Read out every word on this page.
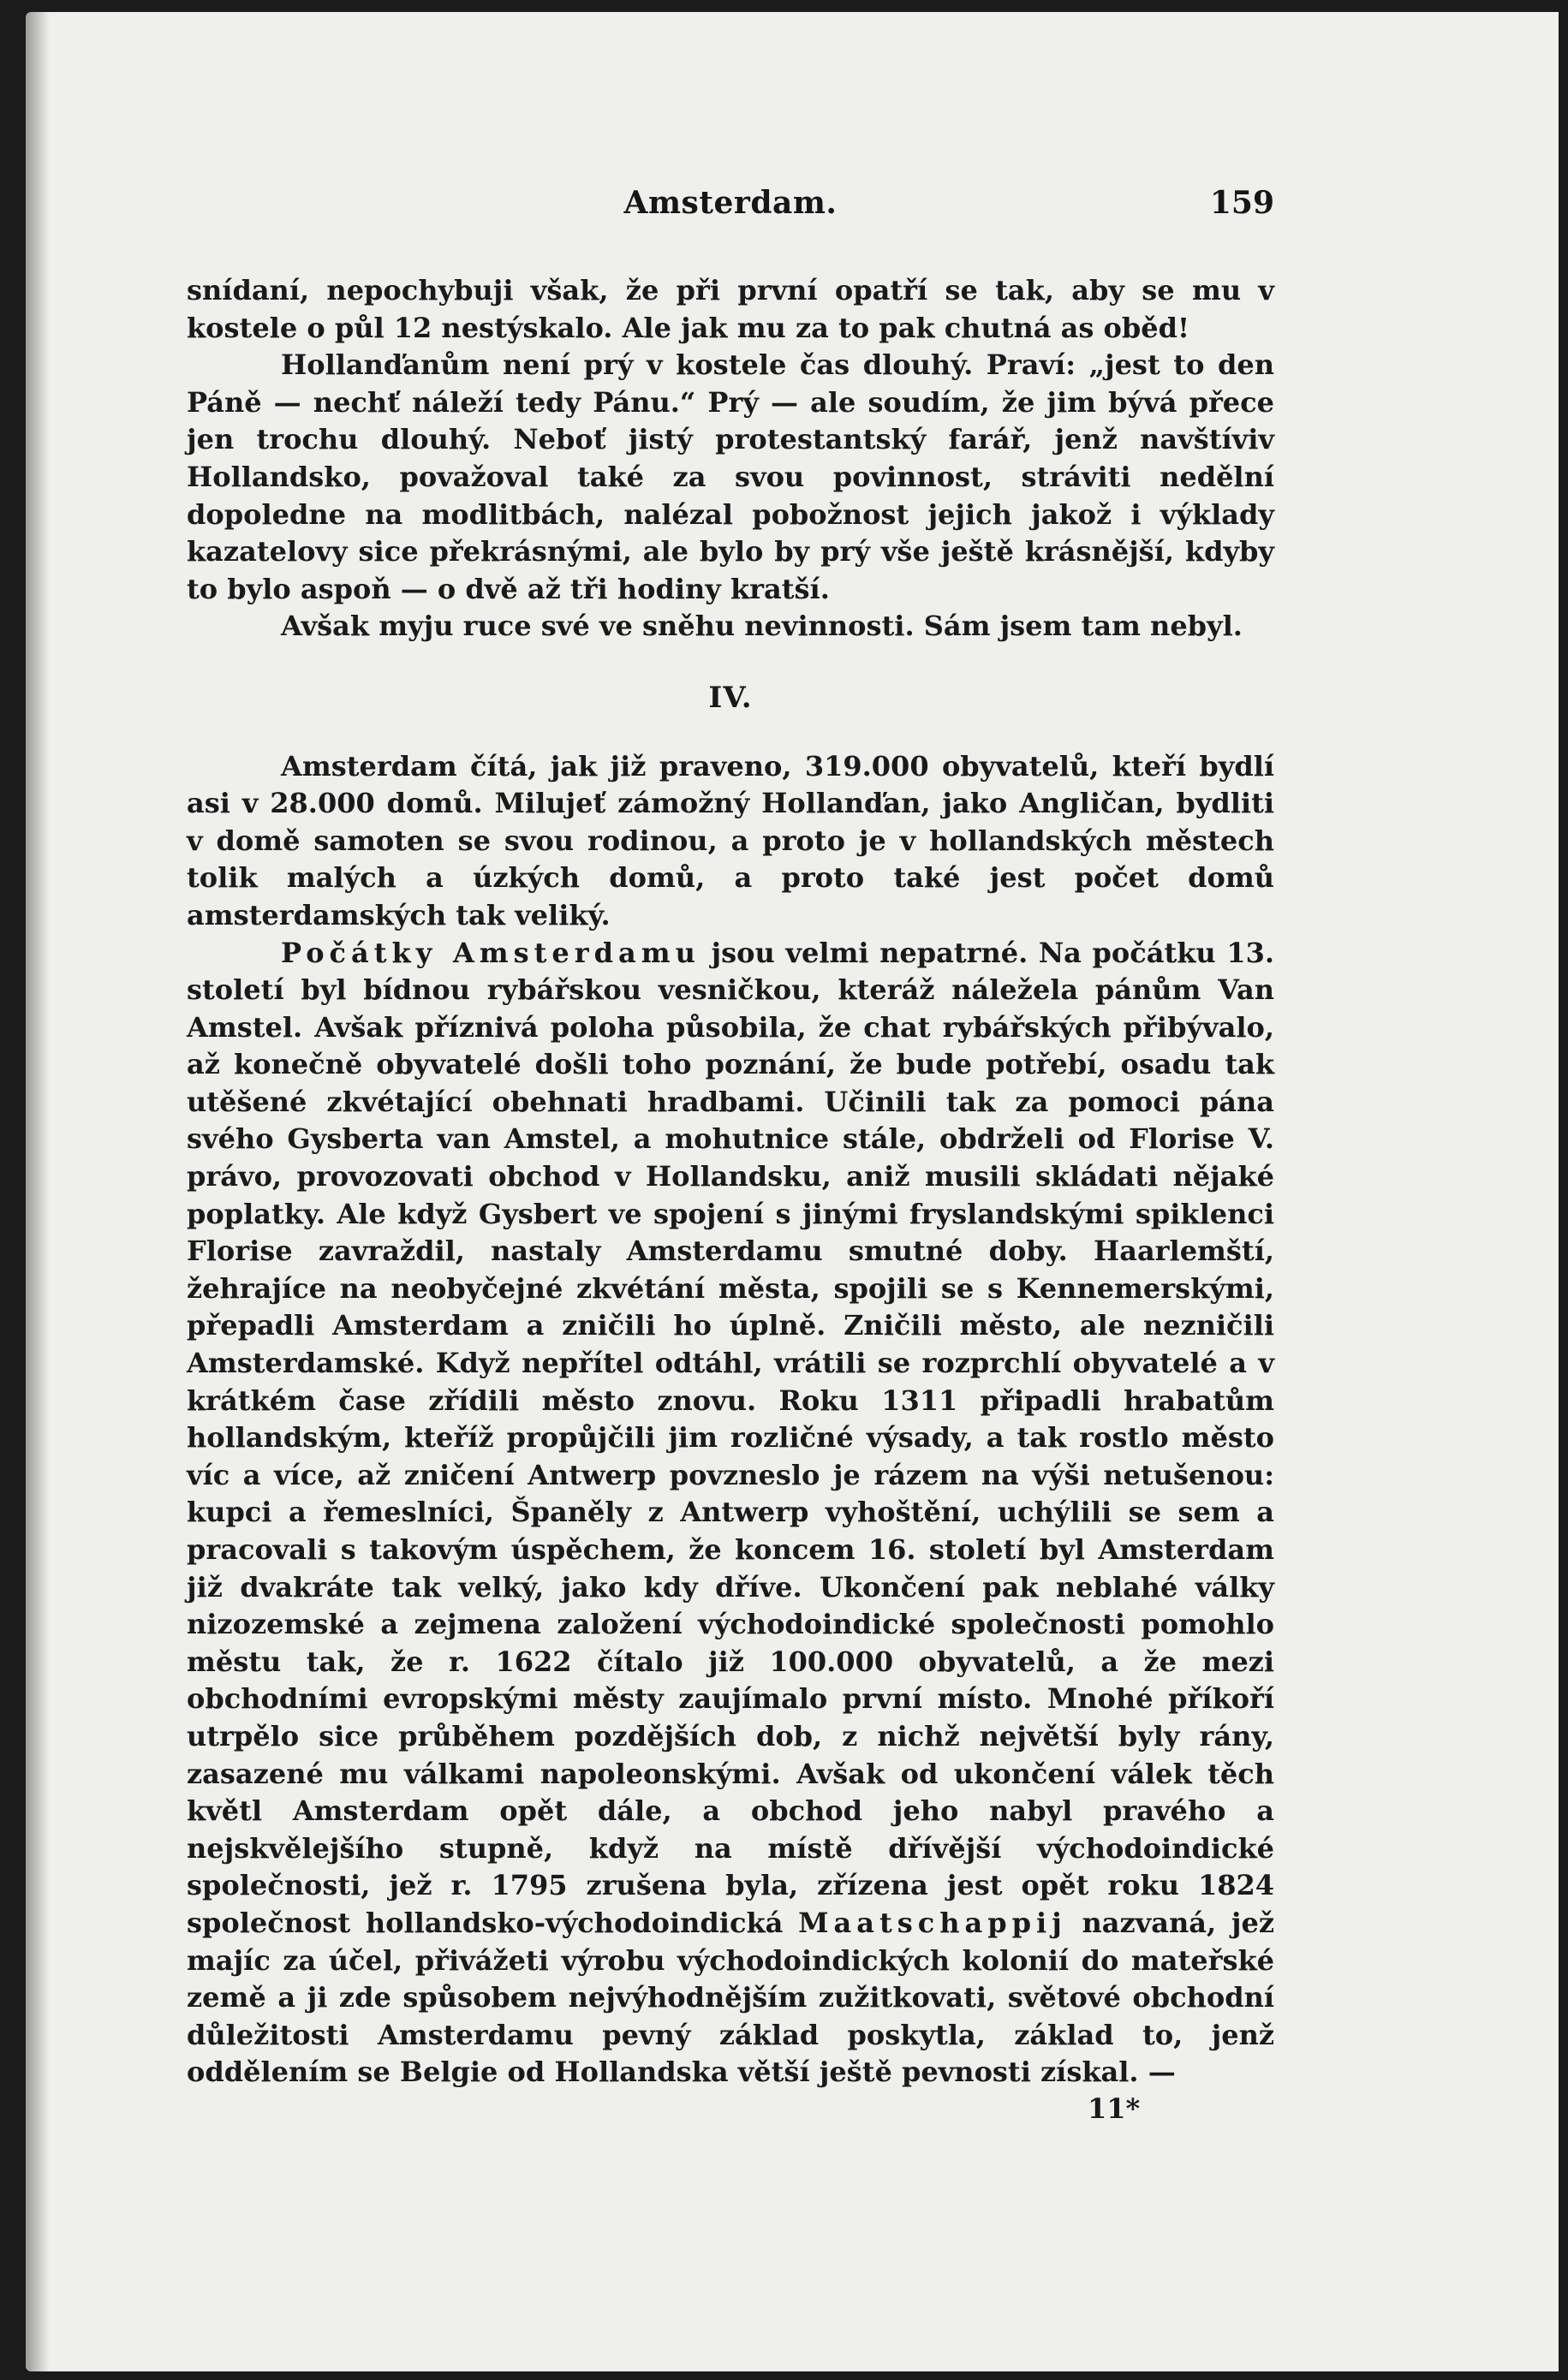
Amsterdam.	159

snídaní, nepochybuji však, že při první opatří se tak, aby se mu v kostele o půl 12 nestýskalo. Ale jak mu za to pak chutná as oběd!

Hollanďanům není prý v kostele čas dlouhý. Praví: „jest to den Páně — nechť náleží tedy Pánu.“ Prý — ale soudím, že jim bývá přece jen trochu dlouhý. Neboť jistý protestantský farář, jenž navštíviv Hollandsko, považoval také za svou povinnost, stráviti nedělní dopoledne na modlitbách, nalézal pobožnost jejich jakož i výklady kazatelovy sice překrásnými, ale bylo by prý vše ještě krásnější, kdyby to bylo aspoň — o dvě až tři hodiny kratší.

Avšak myju ruce své ve sněhu nevinnosti. Sám jsem tam nebyl.

IV.

Amsterdam čítá, jak již praveno, 319.000 obyvatelů, kteří bydlí asi v 28.000 domů. Milujeť zámožný Hollanďan, jako Angličan, bydliti v domě samoten se svou rodinou, a proto je v hollandských městech tolik malých a úzkých domů, a proto také jest počet domů amsterdamských tak veliký.

Počátky Amsterdamu jsou velmi nepatrné. Na počátku 13. století byl bídnou rybářskou vesničkou, kteráž náležela pánům Van Amstel. Avšak příznivá poloha působila, že chat rybářských přibývalo, až konečně obyvatelé došli toho poznání, že bude potřebí, osadu tak utěšené zkvétající obehnati hradbami. Učinili tak za pomoci pána svého Gysberta van Amstel, a mohutnice stále, obdrželi od Florise V. právo, provozovati obchod v Hollandsku, aniž musili skládati nějaké poplatky. Ale když Gysbert ve spojení s jinými fryslandskými spiklenci Florise zavraždil, nastaly Amsterdamu smutné doby. Haarlemští, žehrajíce na neobyčejné zkvétání města, spojili se s Kennemerskými, přepadli Amsterdam a zničili ho úplně. Zničili město, ale nezničili Amsterdamské. Když nepřítel odtáhl, vrátili se rozprchlí obyvatelé a v krátkém čase zřídili město znovu. Roku 1311 připadli hrabatům hollandským, kteříž propůjčili jim rozličné výsady, a tak rostlo město víc a více, až zničení Antwerp povzneslo je rázem na výši netušenou: kupci a řemeslníci, Španěly z Antwerp vyhoštění, uchýlili se sem a pracovali s takovým úspěchem, že koncem 16. století byl Amsterdam již dvakráte tak velký, jako kdy dříve. Ukončení pak neblahé války nizozemské a zejmena založení východoindické společnosti pomohlo městu tak, že r. 1622 čítalo již 100.000 obyvatelů, a že mezi obchodními evropskými městy zaujímalo první místo. Mnohé příkoří utrpělo sice průběhem pozdějších dob, z nichž největší byly rány, zasazené mu válkami napoleonskými. Avšak od ukončení válek těch květl Amsterdam opět dále, a obchod jeho nabyl pravého a nejskvělejšího stupně, když na místě dřívější východoindické společnosti, jež r. 1795 zrušena byla, zřízena jest opět roku 1824 společnost hollandsko-východoindická Maatschappij nazvaná, jež majíc za účel, přivážeti výrobu východoindických kolonií do mateřské země a ji zde spůsobem nejvýhodnějším zužitkovati, světové obchodní důležitosti Amsterdamu pevný základ poskytla, základ to, jenž oddělením se Belgie od Hollandska větší ještě pevnosti získal. —

11*
